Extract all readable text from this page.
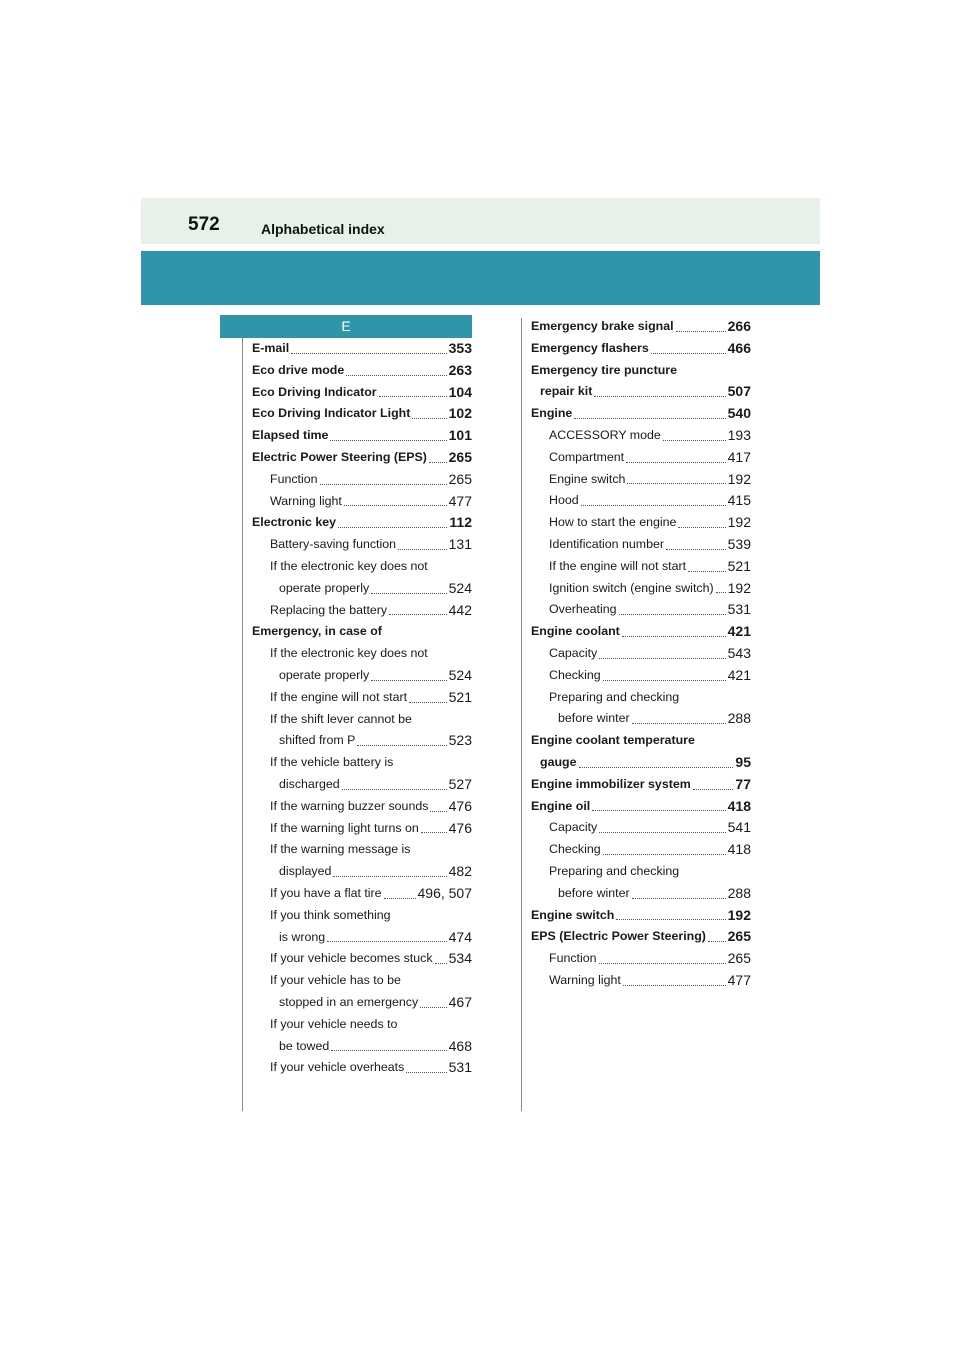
572	Alphabetical index
E
E-mail	353
Eco drive mode	263
Eco Driving Indicator	104
Eco Driving Indicator Light	102
Elapsed time	101
Electric Power Steering (EPS) 265
Function	265
Warning light	477
Electronic key	112
Battery-saving function	131
If the electronic key does not
operate properly	524
Replacing the battery	442
Emergency, in case of
If the electronic key does not
operate properly	524
If the engine will not start	521
If the shift lever cannot be
shifted from P	523
If the vehicle battery is
discharged	527
If the warning buzzer sounds 476
If the warning light turns on 476
If the warning message is
displayed	482
If you have a flat tire	496, 507
If you think something
is wrong	474
If your vehicle becomes stuck 534
If your vehicle has to be
stopped in an emergency 467
If your vehicle needs to
be towed	468
If your vehicle overheats	531
Emergency brake signal	266
Emergency flashers	466
Emergency tire puncture
repair kit	507
Engine	540
ACCESSORY mode	193
Compartment	417
Engine switch	192
Hood	415
How to start the engine	192
Identification number	539
If the engine will not start	521
Ignition switch (engine switch) 192
Overheating	531
Engine coolant	421
Capacity	543
Checking	421
Preparing and checking
before winter	288
Engine coolant temperature
gauge	95
Engine immobilizer system	77
Engine oil	418
Capacity	541
Checking	418
Preparing and checking
before winter	288
Engine switch	192
EPS (Electric Power Steering) 265
Function	265
Warning light	477
